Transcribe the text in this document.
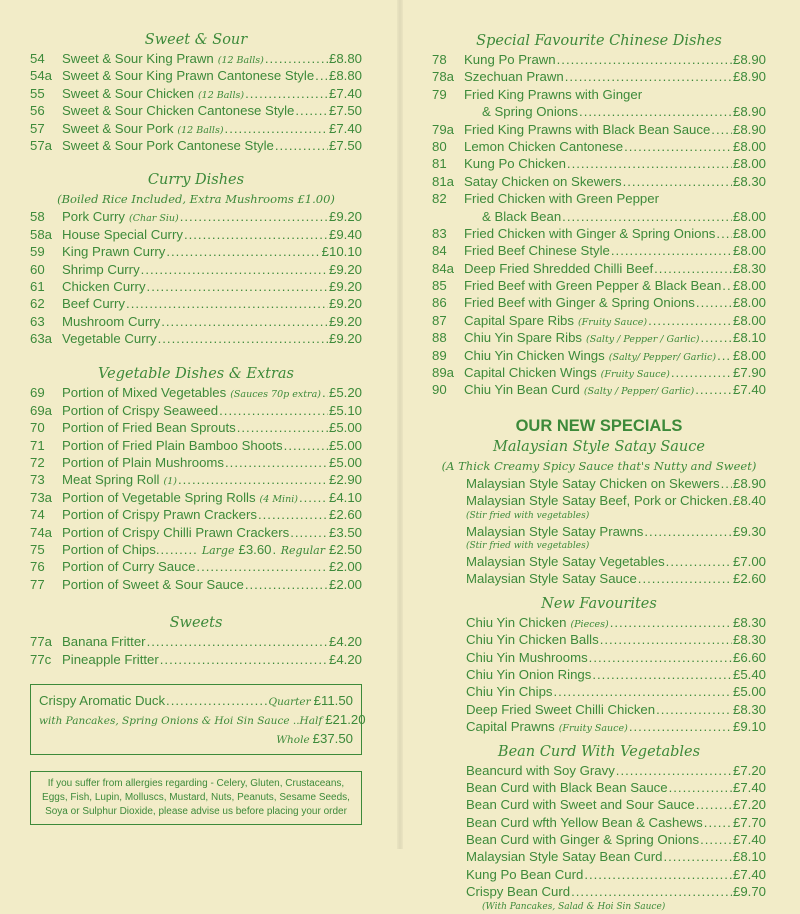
Sweet & Sour
54	Sweet & Sour King Prawn (12 Balls) .....	£8.80
54a Sweet & Sour King Prawn Cantonese Style ..... £8.80
55	Sweet & Sour Chicken (12 Balls) .....	£7.40
56	Sweet & Sour Chicken Cantonese Style .....	£7.50
57	Sweet & Sour Pork (12 Balls) .....	£7.40
57a Sweet & Sour Pork Cantonese Style .....	£7.50
Curry Dishes
(Boiled Rice Included, Extra Mushrooms £1.00)
58	Pork Curry (Char Siu) .....	£9.20
58a House Special Curry .....	£9.40
59	King Prawn Curry .....	£10.10
60	Shrimp Curry .....	£9.20
61	Chicken Curry .....	£9.20
62	Beef Curry .....	£9.20
63	Mushroom Curry .....	£9.20
63a Vegetable Curry .....	£9.20
Vegetable Dishes & Extras
69	Portion of Mixed Vegetables (Sauces 70p extra) ..... £5.20
69a Portion of Crispy Seaweed .....	£5.10
70	Portion of Fried Bean Sprouts .....	£5.00
71	Portion of Fried Plain Bamboo Shoots .....	£5.00
72	Portion of Plain Mushrooms .....	£5.00
73	Meat Spring Roll (1) .....	£2.90
73a Portion of Vegetable Spring Rolls (4 Mini) ..... £4.10
74	Portion of Crispy Prawn Crackers .....	£2.60
74a Portion of Crispy Chilli Prawn Crackers .....	£3.50
75	Portion of Chips ......... Large £3.60 ..... Regular £2.50
76	Portion of Curry Sauce .....	£2.00
77	Portion of Sweet & Sour Sauce .....	£2.00
Sweets
77a Banana Fritter .....	£4.20
77c Pineapple Fritter .....	£4.20
Crispy Aromatic Duck .....	Quarter £11.50
with Pancakes, Spring Onions & Hoi Sin Sauce .. Half £21.20
Whole £37.50
If you suffer from allergies regarding - Celery, Gluten, Crustaceans, Eggs, Fish, Lupin, Molluscs, Mustard, Nuts, Peanuts, Sesame Seeds, Soya or Sulphur Dioxide, please advise us before placing your order
Special Favourite Chinese Dishes
78	Kung Po Prawn .....	£8.90
78a Szechuan Prawn .....	£8.90
79	Fried King Prawns with Ginger
& Spring Onions .....	£8.90
79a Fried King Prawns with Black Bean Sauce ..... £8.90
80	Lemon Chicken Cantonese .....	£8.00
81	Kung Po Chicken .....	£8.00
81a Satay Chicken on Skewers .....	£8.30
82	Fried Chicken with Green Pepper
& Black Bean .....	£8.00
83	Fried Chicken with Ginger & Spring Onions ..... £8.00
84	Fried Beef Chinese Style .....	£8.00
84a Deep Fried Shredded Chilli Beef .....	£8.30
85	Fried Beef with Green Pepper & Black Bean ..... £8.00
86	Fried Beef with Ginger & Spring Onions .....	£8.00
87	Capital Spare Ribs (Fruity Sauce) .....	£8.00
88	Chiu Yin Spare Ribs (Salty / Pepper / Garlic) .....	£8.10
89	Chiu Yin Chicken Wings (Salty/ Pepper/ Garlic) ..... £8.00
89a Capital Chicken Wings (Fruity Sauce) .....	£7.90
90	Chiu Yin Bean Curd (Salty / Pepper/ Garlic) .....	£7.40
OUR NEW SPECIALS
Malaysian Style Satay Sauce
(A Thick Creamy Spicy Sauce that's Nutty and Sweet)
Malaysian Style Satay Chicken on Skewers ..... £8.90
Malaysian Style Satay Beef, Pork or Chicken ..... £8.40
(Stir fried with vegetables)
Malaysian Style Satay Prawns .....	£9.30
(Stir fried with vegetables)
Malaysian Style Satay Vegetables .....	£7.00
Malaysian Style Satay Sauce .....	£2.60
New Favourites
Chiu Yin Chicken (Pieces) .....	£8.30
Chiu Yin Chicken Balls .....	£8.30
Chiu Yin Mushrooms .....	£6.60
Chiu Yin Onion Rings .....	£5.40
Chiu Yin Chips .....	£5.00
Deep Fried Sweet Chilli Chicken .....	£8.30
Capital Prawns (Fruity Sauce) .....	£9.10
Bean Curd With Vegetables
Beancurd with Soy Gravy .....	£7.20
Bean Curd with Black Bean Sauce .....	£7.40
Bean Curd with Sweet and Sour Sauce .....	£7.20
Bean Curd wfth Yellow Bean & Cashews ..... £7.70
Bean Curd with Ginger & Spring Onions .....	£7.40
Malaysian Style Satay Bean Curd .....	£8.10
Kung Po Bean Curd .....	£7.40
Crispy Bean Curd .....	£9.70
(With Pancakes, Salad & Hoi Sin Sauce)
